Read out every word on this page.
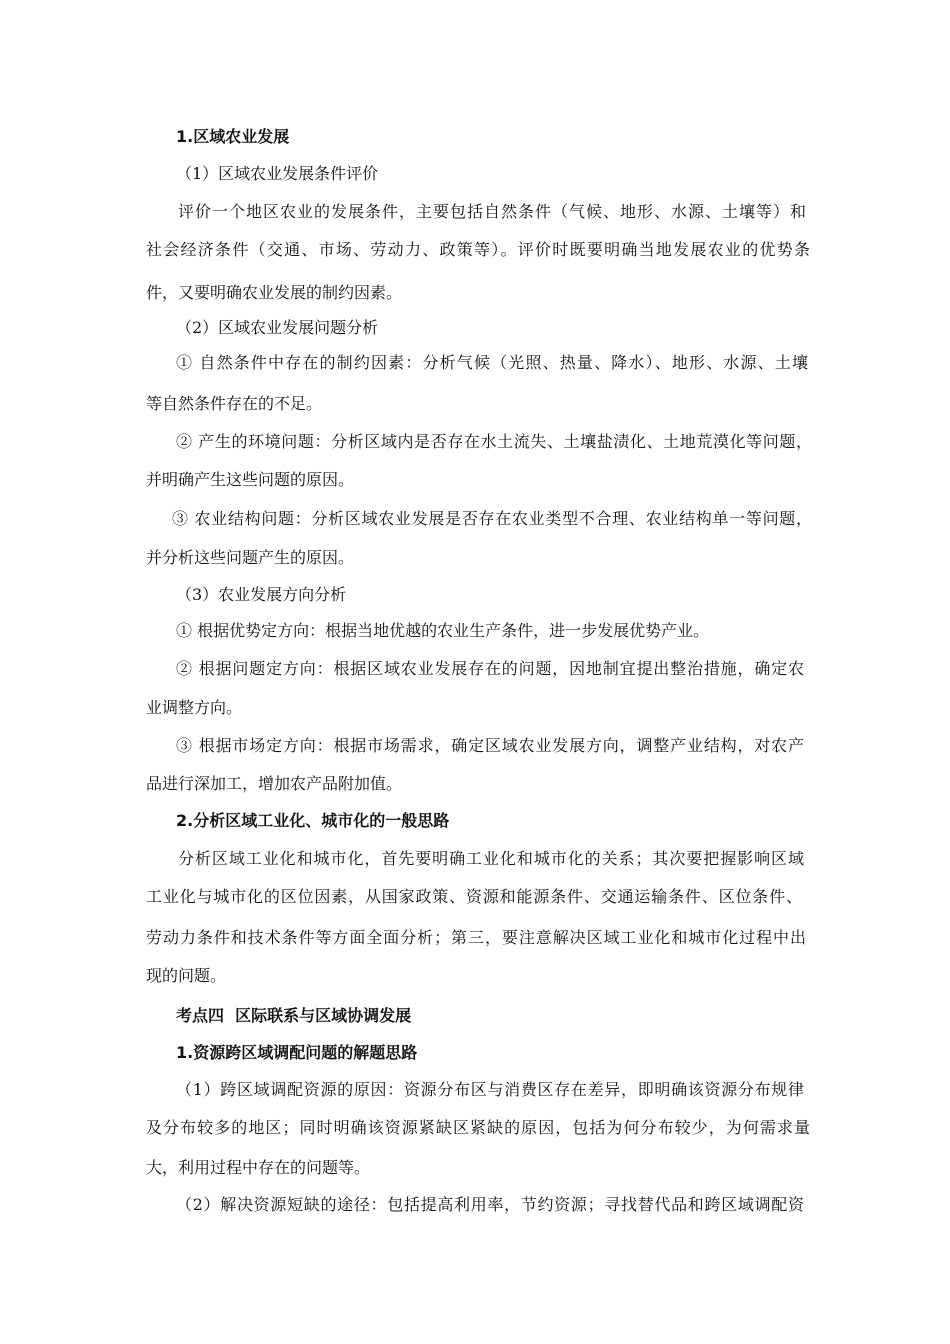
1.区域农业发展
（1）区域农业发展条件评价
评价一个地区农业的发展条件，主要包括自然条件（气候、地形、水源、土壤等）和
社会经济条件（交通、市场、劳动力、政策等）。评价时既要明确当地发展农业的优势条
件，又要明确农业发展的制约因素。
（2）区域农业发展问题分析
① 自然条件中存在的制约因素：分析气候（光照、热量、降水）、地形、水源、土壤
等自然条件存在的不足。
② 产生的环境问题：分析区域内是否存在水土流失、土壤盐渍化、土地荒漠化等问题，
并明确产生这些问题的原因。
③ 农业结构问题：分析区域农业发展是否存在农业类型不合理、农业结构单一等问题，
并分析这些问题产生的原因。
（3）农业发展方向分析
① 根据优势定方向：根据当地优越的农业生产条件，进一步发展优势产业。
② 根据问题定方向：根据区域农业发展存在的问题，因地制宜提出整治措施，确定农
业调整方向。
③ 根据市场定方向：根据市场需求，确定区域农业发展方向，调整产业结构，对农产
品进行深加工，增加农产品附加值。
2.分析区域工业化、城市化的一般思路
分析区域工业化和城市化，首先要明确工业化和城市化的关系；其次要把握影响区域
工业化与城市化的区位因素，从国家政策、资源和能源条件、交通运输条件、区位条件、
劳动力条件和技术条件等方面全面分析；第三，要注意解决区域工业化和城市化过程中出
现的问题。
考点四  区际联系与区域协调发展
1.资源跨区域调配问题的解题思路
（1）跨区域调配资源的原因：资源分布区与消费区存在差异，即明确该资源分布规律
及分布较多的地区；同时明确该资源紧缺区紧缺的原因，包括为何分布较少，为何需求量
大，利用过程中存在的问题等。
（2）解决资源短缺的途径：包括提高利用率，节约资源；寻找替代品和跨区域调配资
